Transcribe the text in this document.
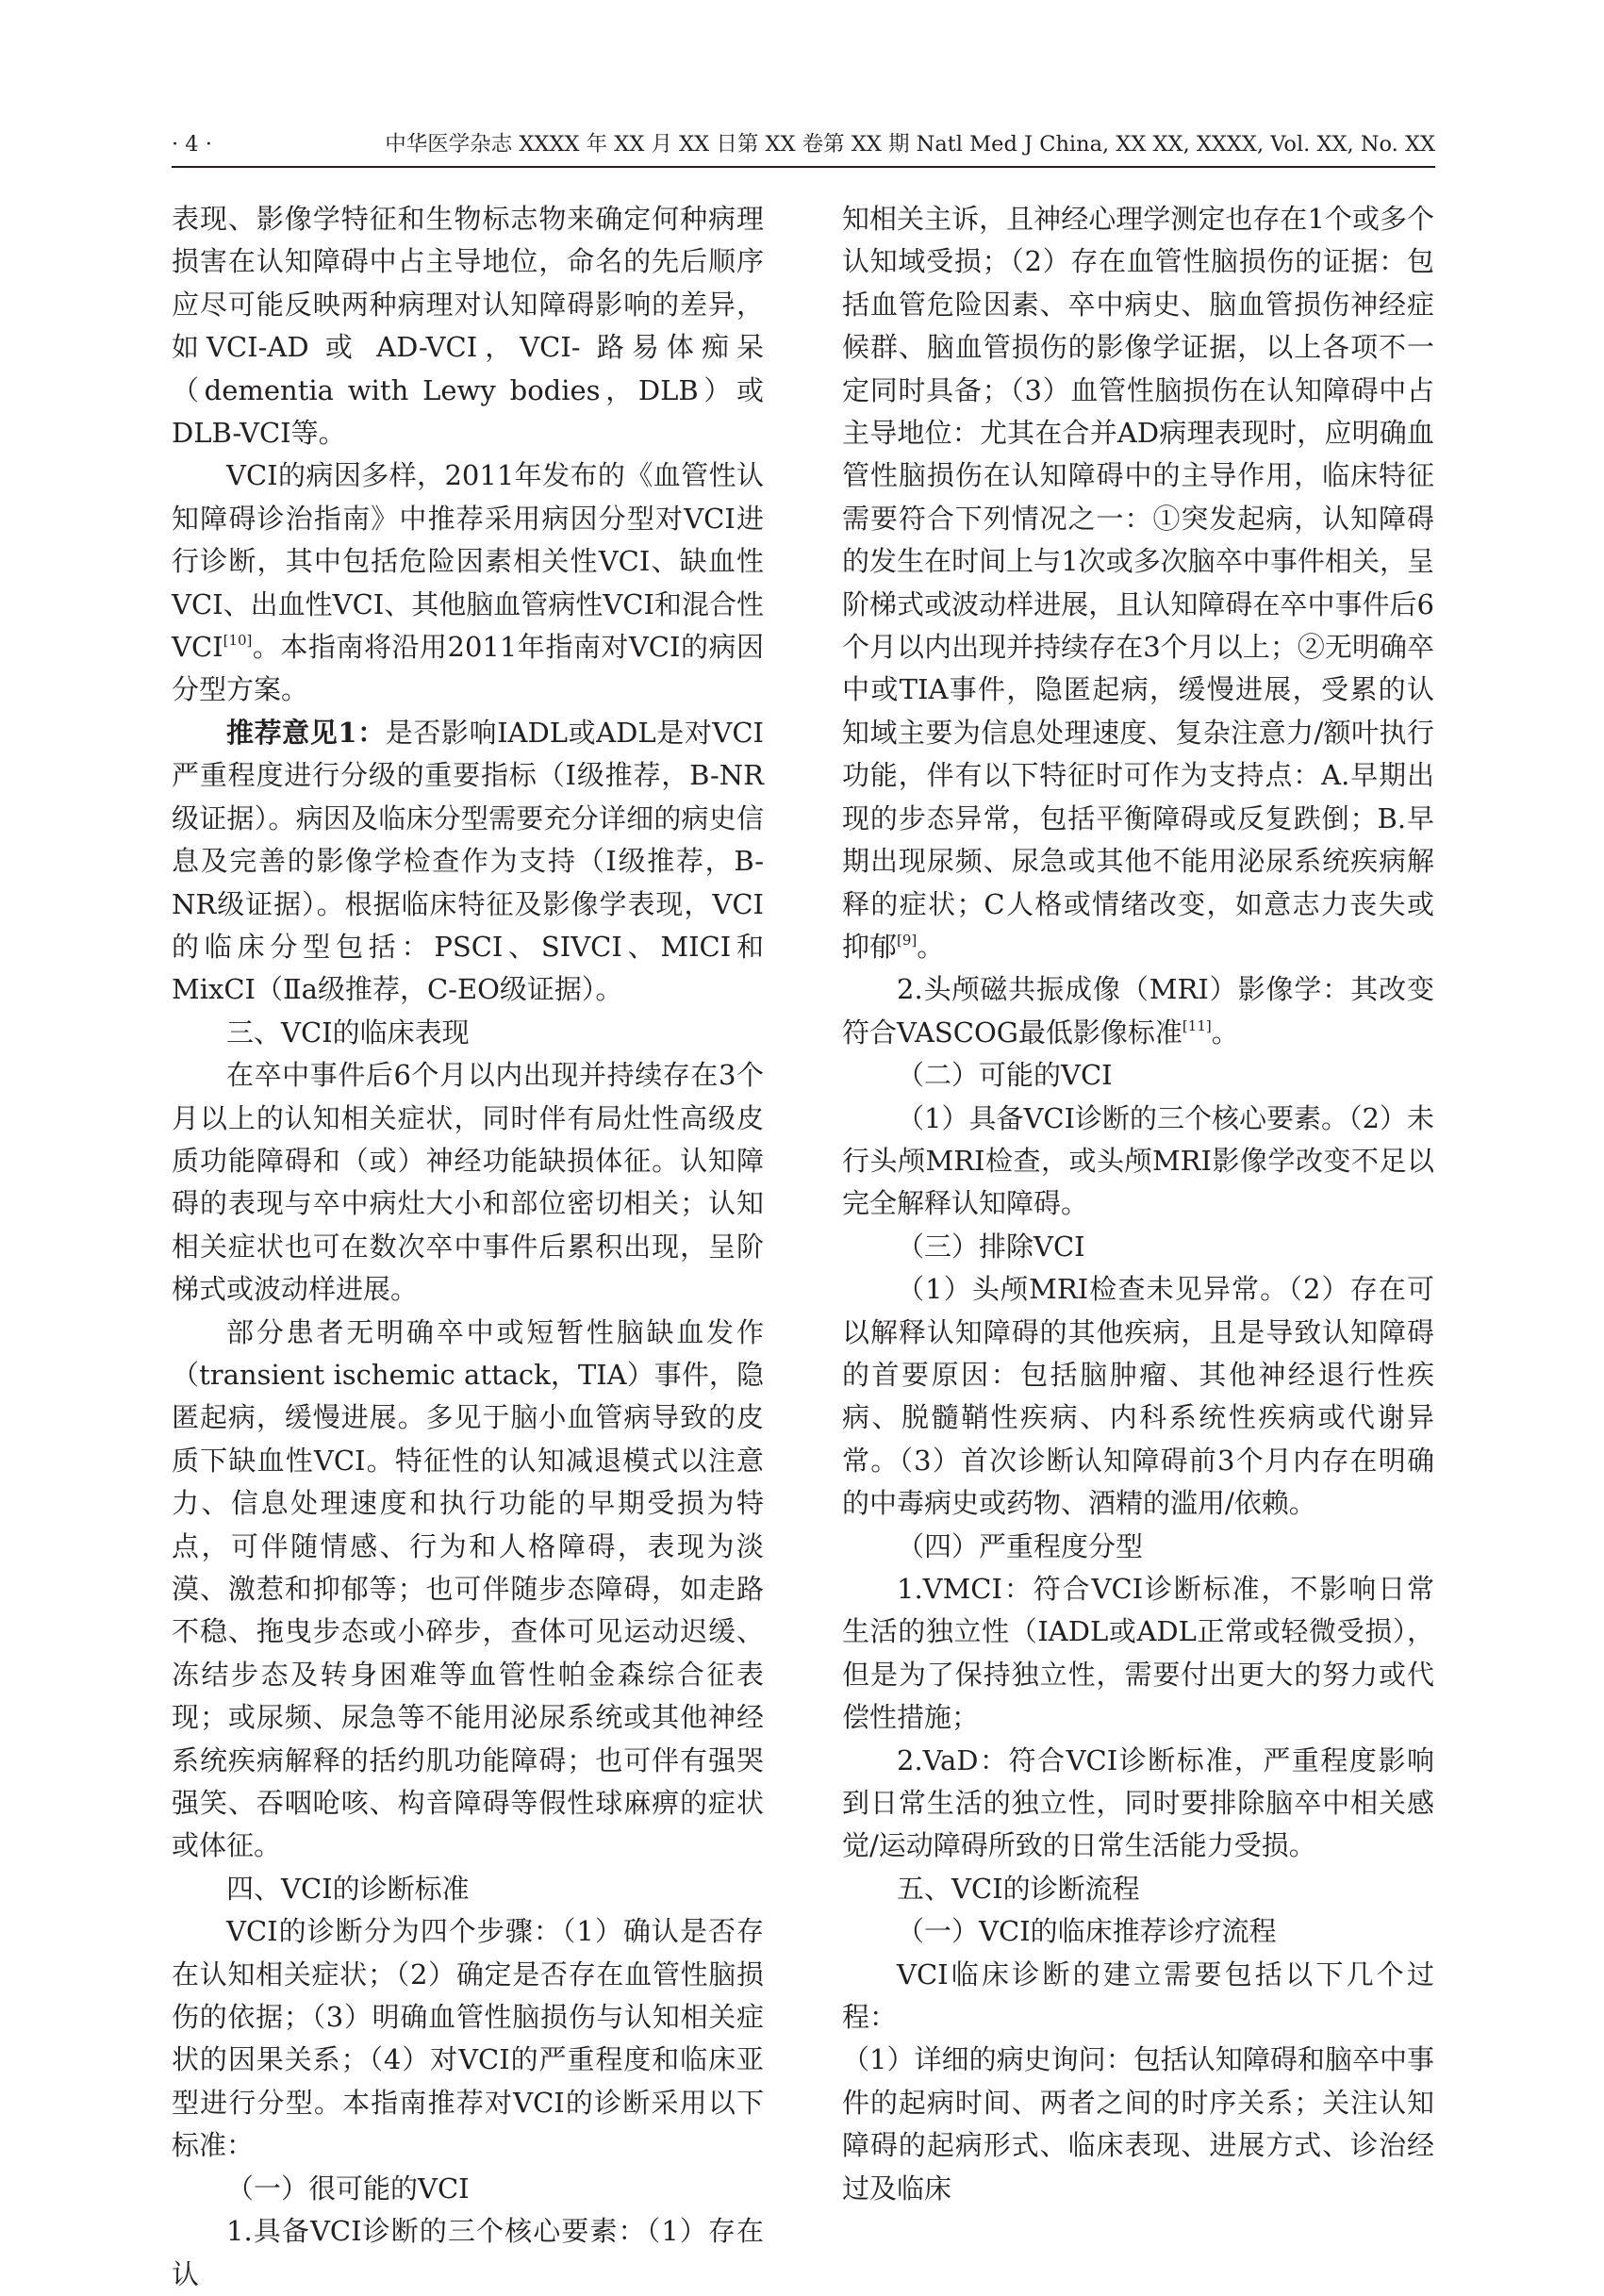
· 4 ·	中华医学杂志 XXXX 年 XX 月 XX 日第 XX 卷第 XX 期 Natl Med J China, XX XX, XXXX, Vol. XX, No. XX

表现、影像学特征和生物标志物来确定何种病理损害在认知障碍中占主导地位，命名的先后顺序应尽可能反映两种病理对认知障碍影响的差异，如VCI-AD 或 AD-VCI，VCI- 路易体痴呆（dementia with Lewy bodies，DLB）或DLB-VCI等。

VCI的病因多样，2011年发布的《血管性认知障碍诊治指南》中推荐采用病因分型对VCI进行诊断，其中包括危险因素相关性VCI、缺血性VCI、出血性VCI、其他脑血管病性VCI和混合性VCI[10]。本指南将沿用2011年指南对VCI的病因分型方案。

推荐意见1：是否影响IADL或ADL是对VCI严重程度进行分级的重要指标（Ⅰ级推荐，B-NR级证据）。病因及临床分型需要充分详细的病史信息及完善的影像学检查作为支持（Ⅰ级推荐，B-NR级证据）。根据临床特征及影像学表现，VCI的临床分型包括：PSCI、SIVCI、MICI和MixCI（Ⅱa级推荐，C-EO级证据）。

三、VCI的临床表现

在卒中事件后6个月以内出现并持续存在3个月以上的认知相关症状，同时伴有局灶性高级皮质功能障碍和（或）神经功能缺损体征。认知障碍的表现与卒中病灶大小和部位密切相关；认知相关症状也可在数次卒中事件后累积出现，呈阶梯式或波动样进展。

部分患者无明确卒中或短暂性脑缺血发作（transient ischemic attack，TIA）事件，隐匿起病，缓慢进展。多见于脑小血管病导致的皮质下缺血性VCI。特征性的认知减退模式以注意力、信息处理速度和执行功能的早期受损为特点，可伴随情感、行为和人格障碍，表现为淡漠、激惹和抑郁等；也可伴随步态障碍，如走路不稳、拖曳步态或小碎步，查体可见运动迟缓、冻结步态及转身困难等血管性帕金森综合征表现；或尿频、尿急等不能用泌尿系统或其他神经系统疾病解释的括约肌功能障碍；也可伴有强哭强笑、吞咽呛咳、构音障碍等假性球麻痹的症状或体征。

四、VCI的诊断标准

VCI的诊断分为四个步骤：（1）确认是否存在认知相关症状；（2）确定是否存在血管性脑损伤的依据；（3）明确血管性脑损伤与认知相关症状的因果关系；（4）对VCI的严重程度和临床亚型进行分型。本指南推荐对VCI的诊断采用以下标准：

（一）很可能的VCI

1.具备VCI诊断的三个核心要素：（1）存在认

知相关主诉，且神经心理学测定也存在1个或多个认知域受损；（2）存在血管性脑损伤的证据：包括血管危险因素、卒中病史、脑血管损伤神经症候群、脑血管损伤的影像学证据，以上各项不一定同时具备；（3）血管性脑损伤在认知障碍中占主导地位：尤其在合并AD病理表现时，应明确血管性脑损伤在认知障碍中的主导作用，临床特征需要符合下列情况之一：①突发起病，认知障碍的发生在时间上与1次或多次脑卒中事件相关，呈阶梯式或波动样进展，且认知障碍在卒中事件后6个月以内出现并持续存在3个月以上；②无明确卒中或TIA事件，隐匿起病，缓慢进展，受累的认知域主要为信息处理速度、复杂注意力/额叶执行功能，伴有以下特征时可作为支持点：A.早期出现的步态异常，包括平衡障碍或反复跌倒；B.早期出现尿频、尿急或其他不能用泌尿系统疾病解释的症状；C人格或情绪改变，如意志力丧失或抑郁[9]。

2.头颅磁共振成像（MRI）影像学：其改变符合VASCOG最低影像标准[11]。

（二）可能的VCI

（1）具备VCI诊断的三个核心要素。（2）未行头颅MRI检查，或头颅MRI影像学改变不足以完全解释认知障碍。

（三）排除VCI

（1）头颅MRI检查未见异常。（2）存在可以解释认知障碍的其他疾病，且是导致认知障碍的首要原因：包括脑肿瘤、其他神经退行性疾病、脱髓鞘性疾病、内科系统性疾病或代谢异常。（3）首次诊断认知障碍前3个月内存在明确的中毒病史或药物、酒精的滥用/依赖。

（四）严重程度分型

1.VMCI：符合VCI诊断标准，不影响日常生活的独立性（IADL或ADL正常或轻微受损），但是为了保持独立性，需要付出更大的努力或代偿性措施；

2.VaD：符合VCI诊断标准，严重程度影响到日常生活的独立性，同时要排除脑卒中相关感觉/运动障碍所致的日常生活能力受损。

五、VCI的诊断流程

（一）VCI的临床推荐诊疗流程

VCI临床诊断的建立需要包括以下几个过程：

（1）详细的病史询问：包括认知障碍和脑卒中事件的起病时间、两者之间的时序关系；关注认知障碍的起病形式、临床表现、进展方式、诊治经过及临床
